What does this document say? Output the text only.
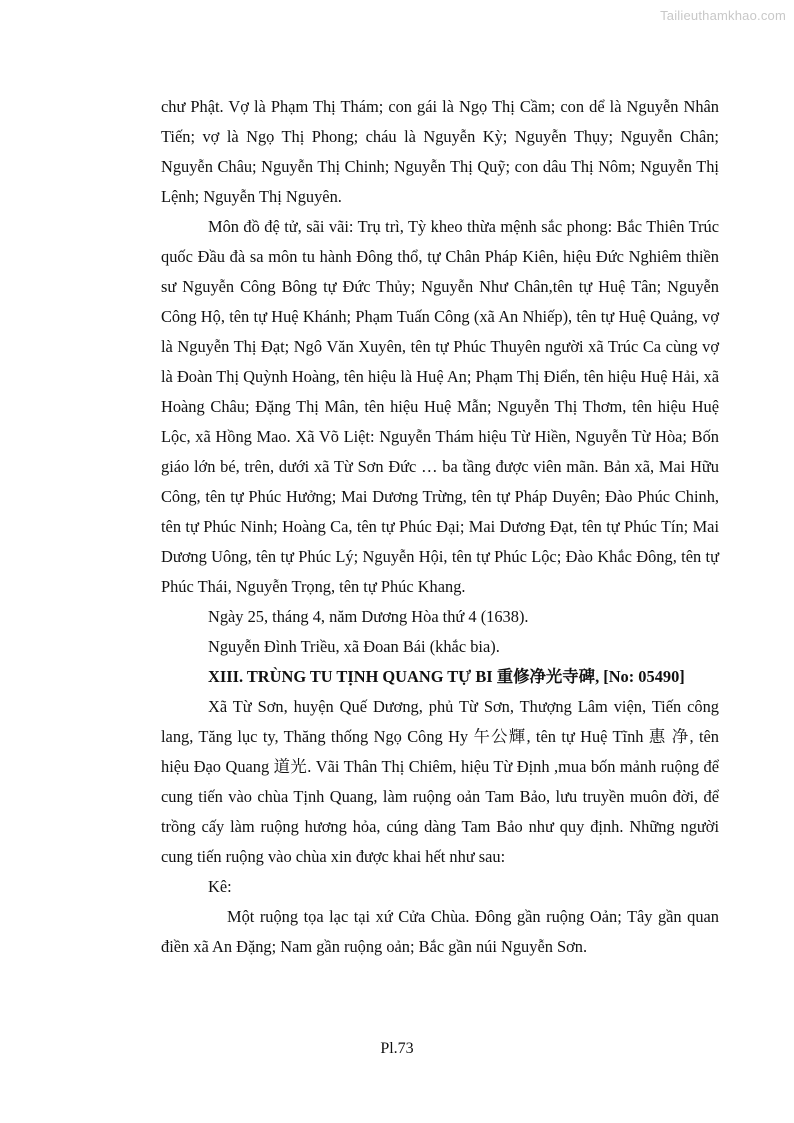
Tailieuthamkhao.com

chư Phật. Vợ là Phạm Thị Thám; con gái là Ngọ Thị Cầm; con dể là Nguyễn Nhân Tiến; vợ là Ngọ Thị Phong; cháu là Nguyễn Kỳ; Nguyễn Thụy; Nguyễn Chân; Nguyễn Châu; Nguyễn Thị Chinh; Nguyễn Thị Quỹ; con dâu Thị Nôm; Nguyễn Thị Lệnh; Nguyễn Thị Nguyên.

Môn đồ đệ tử, sãi vãi: Trụ trì, Tỳ kheo thừa mệnh sắc phong: Bắc Thiên Trúc quốc Đầu đà sa môn tu hành Đông thổ, tự Chân Pháp Kiên, hiệu Đức Nghiêm thiền sư Nguyễn Công Bông tự Đức Thủy; Nguyễn Như Chân,tên tự Huệ Tân; Nguyễn Công Hộ, tên tự Huệ Khánh; Phạm Tuấn Công (xã An Nhiếp), tên tự Huệ Quảng, vợ là Nguyễn Thị Đạt; Ngô Văn Xuyên, tên tự Phúc Thuyên người xã Trúc Ca cùng vợ là Đoàn Thị Quỳnh Hoàng, tên hiệu là Huệ An; Phạm Thị Điển, tên hiệu Huệ Hải, xã Hoàng Châu; Đặng Thị Mân, tên hiệu Huệ Mẫn; Nguyễn Thị Thơm, tên hiệu Huệ Lộc, xã Hồng Mao. Xã Võ Liệt: Nguyễn Thám hiệu Từ Hiền, Nguyễn Từ Hòa; Bốn giáo lớn bé, trên, dưới xã Từ Sơn Đức … ba tầng được viên mãn. Bản xã, Mai Hữu Công, tên tự Phúc Hưởng; Mai Dương Trừng, tên tự Pháp Duyên; Đào Phúc Chinh, tên tự Phúc Ninh; Hoàng Ca, tên tự Phúc Đại; Mai Dương Đạt, tên tự Phúc Tín; Mai Dương Uông, tên tự Phúc Lý; Nguyễn Hội, tên tự Phúc Lộc; Đào Khắc Đông, tên tự Phúc Thái, Nguyễn Trọng, tên tự Phúc Khang.

Ngày 25, tháng 4, năm Dương Hòa thứ 4 (1638).

Nguyễn Đình Triều, xã Đoan Bái (khắc bia).

XIII. TRÙNG TU TỊNH QUANG TỰ BI 重修净光寺碑, [No: 05490]

Xã Từ Sơn, huyện Quế Dương, phủ Từ Sơn, Thượng Lâm viện, Tiến công lang, Tăng lục ty, Thăng thống Ngọ Công Hy 午公輝, tên tự Huệ Tĩnh 惠 净, tên hiệu Đạo Quang 道光. Vãi Thân Thị Chiêm, hiệu Từ Định ,mua bốn mảnh ruộng để cung tiến vào chùa Tịnh Quang, làm ruộng oản Tam Bảo, lưu truyền muôn đời, để trồng cấy làm ruộng hương hỏa, cúng dàng Tam Bảo như quy định. Những người cung tiến ruộng vào chùa xin được khai hết như sau:

Kê:

Một ruộng tọa lạc tại xứ Cửa Chùa. Đông gần ruộng Oản; Tây gần quan điền xã An Đặng; Nam gần ruộng oản; Bắc gần núi Nguyễn Sơn.

Pl.73
